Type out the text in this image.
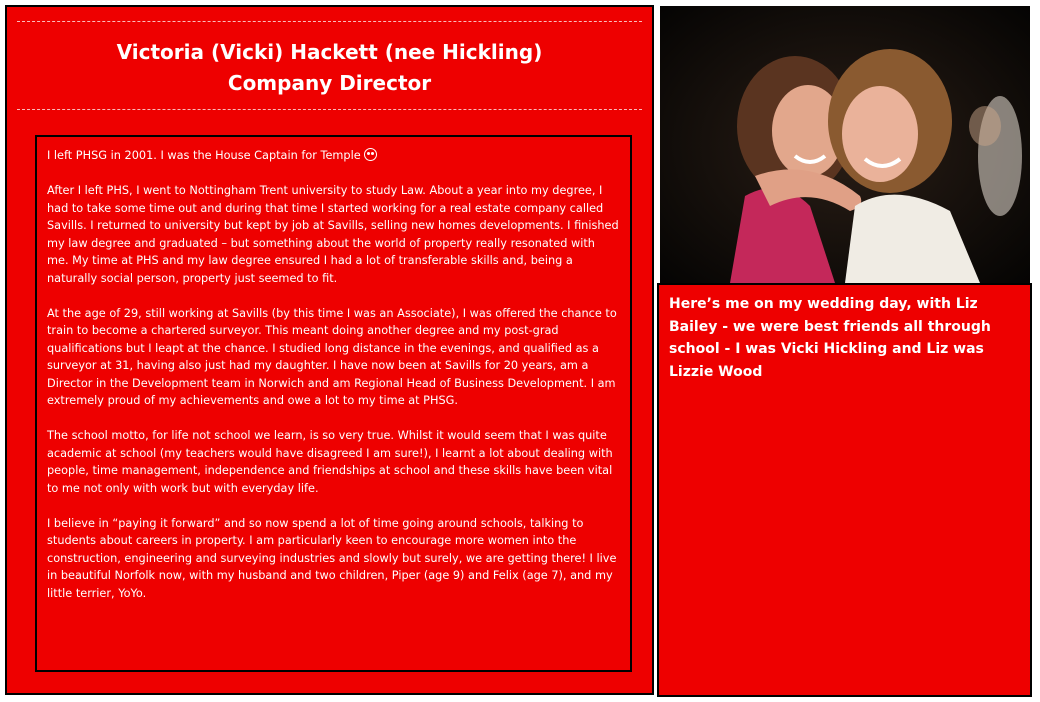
Victoria (Vicki) Hackett (nee Hickling)
Company Director

I left PHSG in 2001. I was the House Captain for Temple

After I left PHS, I went to Nottingham Trent university to study Law. About a year into my degree, I had to take some time out and during that time I started working for a real estate company called Savills. I returned to university but kept by job at Savills, selling new homes developments. I finished my law degree and graduated – but something about the world of property really resonated with me. My time at PHS and my law degree ensured I had a lot of transferable skills and, being a naturally social person, property just seemed to fit.

At the age of 29, still working at Savills (by this time I was an Associate), I was offered the chance to train to become a chartered surveyor. This meant doing another degree and my post-grad qualifications but I leapt at the chance. I studied long distance in the evenings, and qualified as a surveyor at 31, having also just had my daughter. I have now been at Savills for 20 years, am a Director in the Development team in Norwich and am Regional Head of Business Development. I am extremely proud of my achievements and owe a lot to my time at PHSG.

The school motto, for life not school we learn, is so very true. Whilst it would seem that I was quite academic at school (my teachers would have disagreed I am sure!), I learnt a lot about dealing with people, time management, independence and friendships at school and these skills have been vital to me not only with work but with everyday life.

I believe in “paying it forward” and so now spend a lot of time going around schools, talking to students about careers in property. I am particularly keen to encourage more women into the construction, engineering and surveying industries and slowly but surely, we are getting there! I live in beautiful Norfolk now, with my husband and two children, Piper (age 9) and Felix (age 7), and my little terrier, YoYo.

Here’s me on my wedding day, with Liz Bailey - we were best friends all through school - I was Vicki Hickling and Liz was Lizzie Wood
